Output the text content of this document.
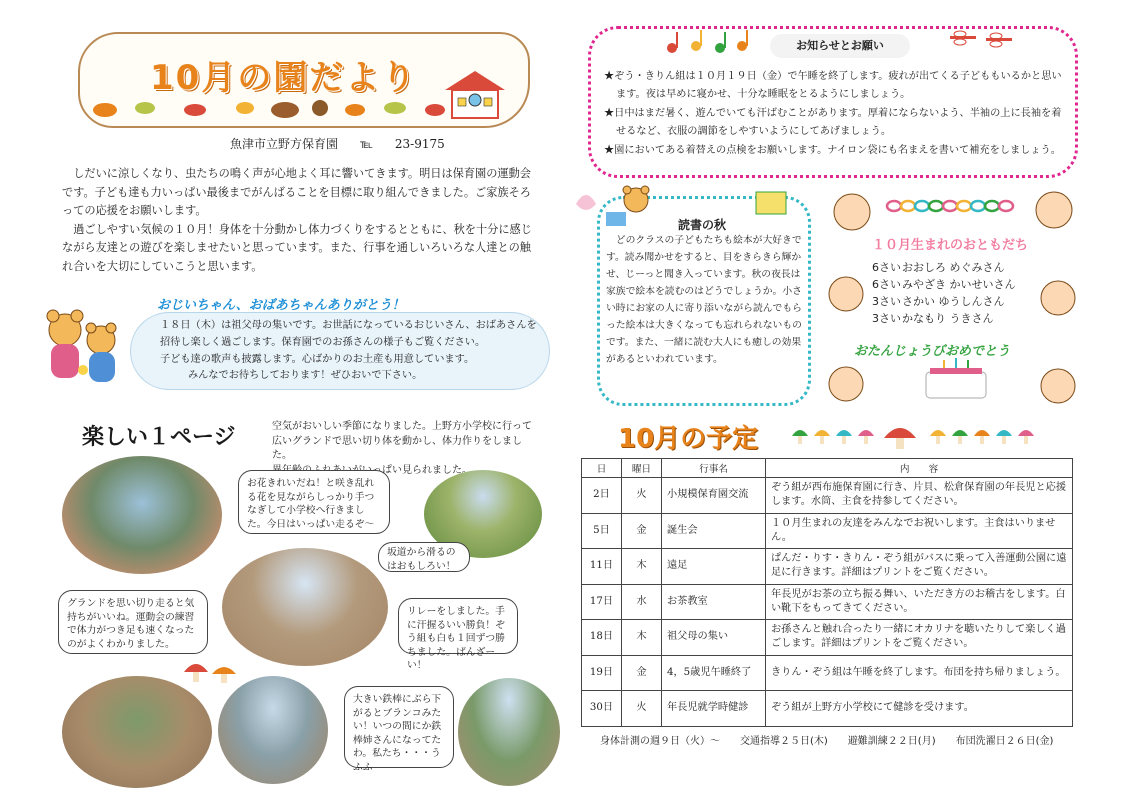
10月の園だより
魚津市立野方保育園 ℡ 23-9175

しだいに涼しくなり、虫たちの鳴く声が心地よく耳に響いてきます。明日は保育園の運動会です。子ども達も力いっぱい最後までがんばることを目標に取り組んできました。ご家族そろっての応援をお願いします。

過ごしやすい気候の１０月！身体を十分動かし体力づくりをするとともに、秋を十分に感じながら友達との遊びを楽しませたいと思っています。また、行事を通しいろいろな人達との触れ合いを大切にしていこうと思います。

おじいちゃん、おばあちゃんありがとう！
１８日（木）は祖父母の集いです。お世話になっているおじいさん、おばあさんを
招待し楽しく過ごします。保育園でのお孫さんの様子もご覧ください。
子ども達の歌声も披露します。心ばかりのお土産も用意しています。
みんなでお待ちしております！ぜひおいで下さい。
楽しい１ページ	空気がおいしい季節になりました。上野方小学校に行って
広いグランドで思い切り体を動かし、体力作りをしました。
お花きれいだね！と咲き乱れる花を見ながらしっかり手つなぎして小学校へ行きました。今日はいっぱい走るぞ～
坂道から滑るのはおもしろい！
グランドを思い切り走ると気持ちがいいね。運動会の練習で体力がつき足も速くなったのがよくわかりました。
リレーをしました。手に汗握るいい勝負！ぞう組も白も１回ずつ勝ちました。ばんざーい！
大きい鉄棒にぶら下がるとブランコみたい！いつの間にか鉄棒姉さんになってたわ。私たち・・・うふふ
お知らせとお願い
★ぞう・きりん組は１０月１９日（金）で午睡を終了します。疲れが出てくる子どももいるかと思います。夜は早めに寝かせ、十分な睡眠をとるようにしましょう。
★日中はまだ暑く、遊んでいても汗ばむことがあります。厚着にならないよう、半袖の上に長袖を着せるなど、衣服の調節をしやすいようにしてあげましょう。
★園においてある着替えの点検をお願いします。ナイロン袋にも名まえを書いて補充をしましょう。
読書の秋
どのクラスの子どもたちも絵本が大好きです。読み聞かせをすると、目をきらきら輝かせ、じーっと聞き入っています。秋の夜長は家族で絵本を読むのはどうでしょうか。小さい時にお家の人に寄り添いながら読んでもらった絵本は大きくなっても忘れられないものです。また、一緒に読む大人にも癒しの効果があるといわれています。
１０月生まれのおともだち
6さいおおしろ めぐみさん
6さいみやざき かいせいさん
3さいさかい ゆうしんさん
3さいかなもり うきさん
おたんじょうびおめでとう
10月の予定
日	曜日	行事名	内　　容
2日	火	小規模保育園交流	ぞう組が西布施保育園に行き、片貝、松倉保育園の年長児と応援します。水筒、主食を持参してください。
5日	金	誕生会	１０月生まれの友達をみんなでお祝いします。主食はいりません。
11日	木	遠足	ぱんだ・りす・きりん・ぞう組がバスに乗って入善運動公園に遠足に行きます。詳細はプリントをご覧ください。
17日	水	お茶教室	年長児がお茶の立ち振る舞い、いただき方のお稽古をします。白い靴下をもってきてください。
18日	木	祖父母の集い	お孫さんと触れ合ったり一緒にオカリナを聴いたりして楽しく過ごします。詳細はプリントをご覧ください。
19日	金	4，5歳児午睡終了	きりん・ぞう組は午睡を終了します。布団を持ち帰りましょう。
30日	火	年長児就学時健診	ぞう組が上野方小学校にて健診を受けます。
身体計測の週９日（火）～ 交通指導２５日(木) 避難訓練２２日(月) 布団洗濯日２６日(金)
